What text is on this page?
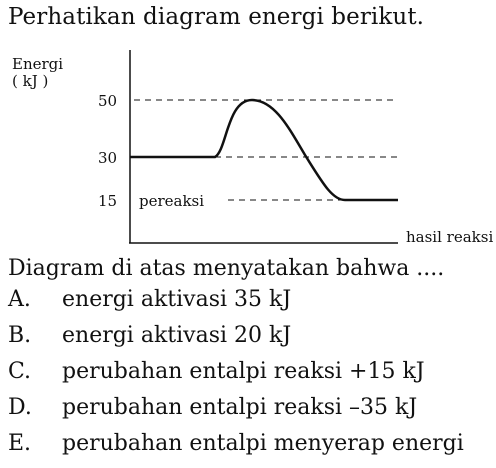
Perhatikan diagram energi berikut.
Energi
( kJ )
50
30
15 pereaksi
hasil reaksi
Diagram di atas menyatakan bahwa ....
A. energi aktivasi 35 kJ
B. energi aktivasi 20 kJ
C. perubahan entalpi reaksi +15 kJ
D. perubahan entalpi reaksi –35 kJ
E. perubahan entalpi menyerap energi
